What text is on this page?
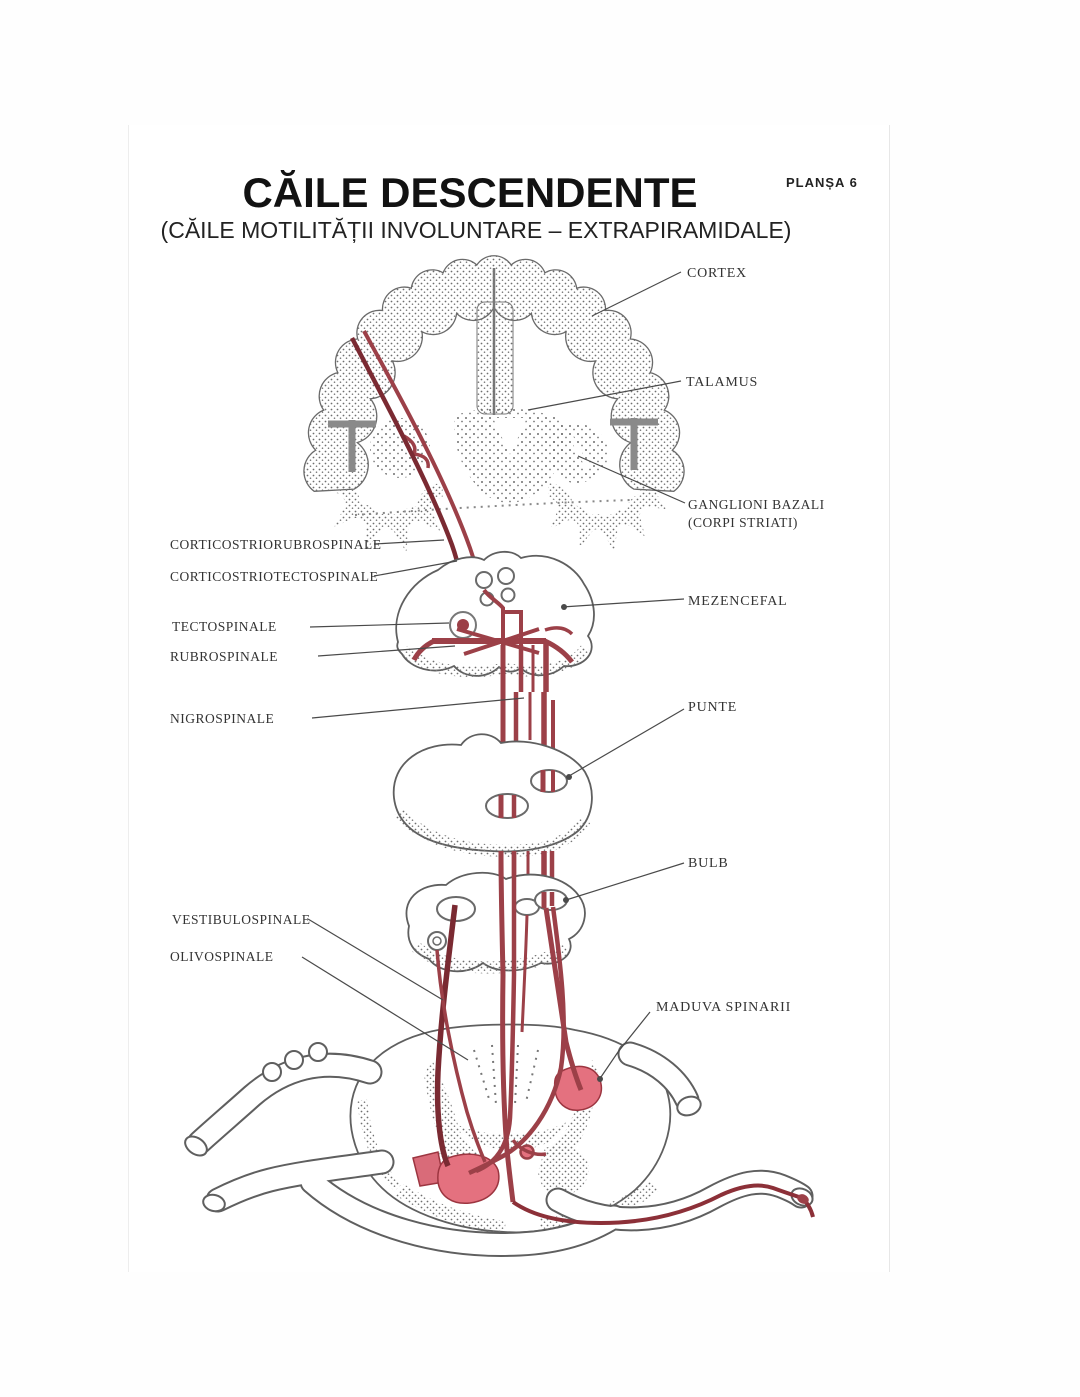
CĂILE DESCENDENTE
(CĂILE MOTILITĂȚII INVOLUNTARE – EXTRAPIRAMIDALE)
PLANȘA 6
CORTEX
TALAMUS
GANGLIONI BAZALI
(CORPI STRIATI)
MEZENCEFAL
PUNTE
BULB
MADUVA SPINARII
CORTICOSTRIORUBROSPINALE
CORTICOSTRIOTECTOSPINALE
TECTOSPINALE
RUBROSPINALE
NIGROSPINALE
VESTIBULOSPINALE
OLIVOSPINALE
